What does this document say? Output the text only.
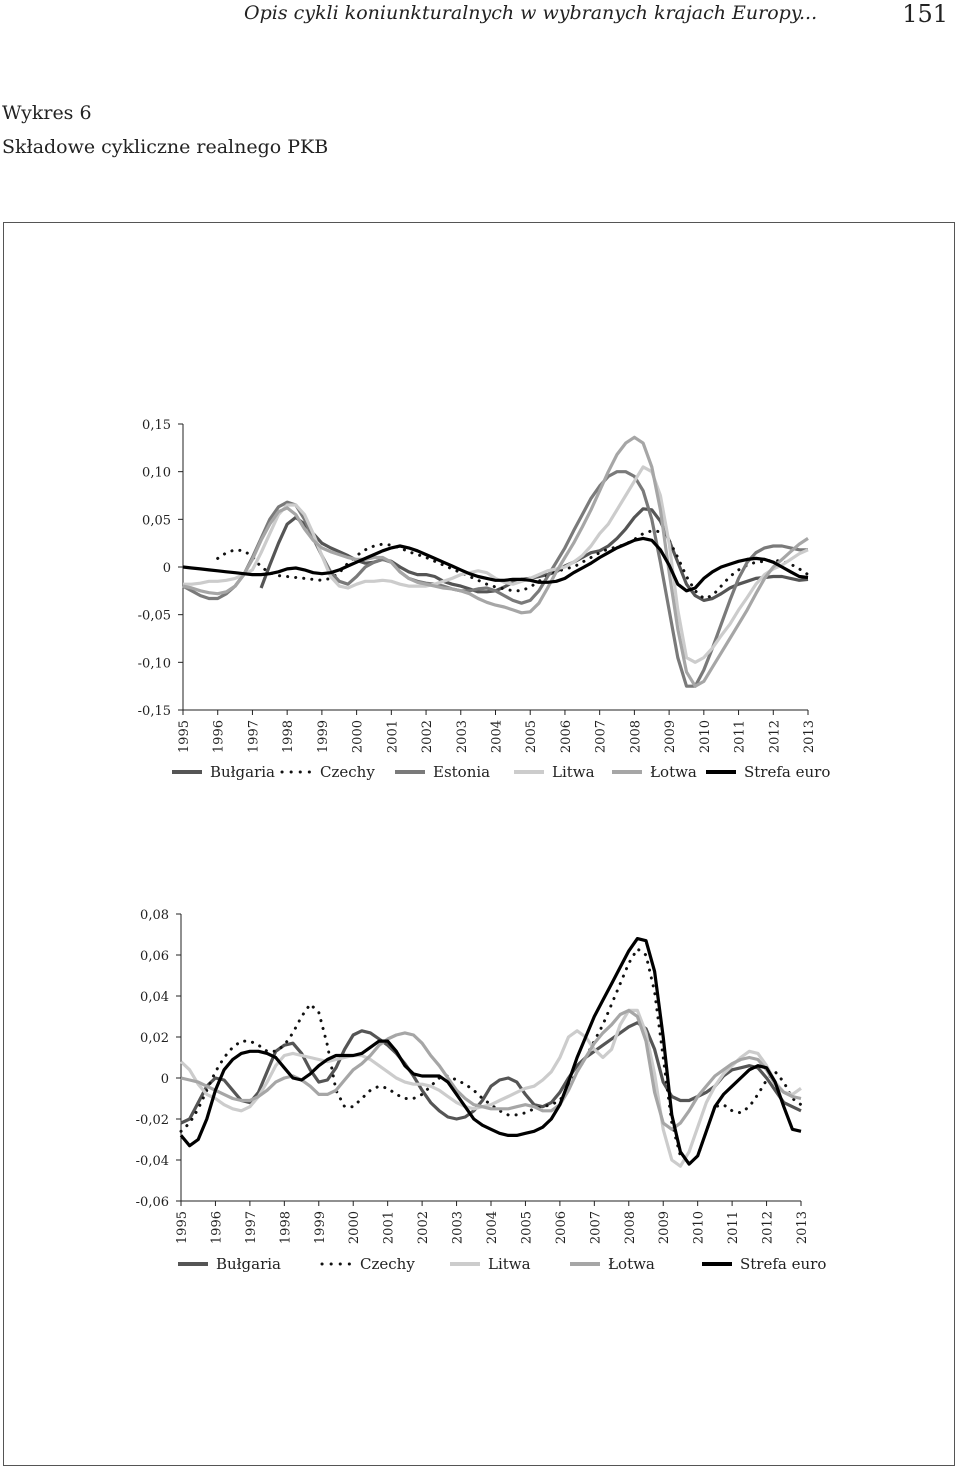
Opis cykli koniunkturalnych w wybranych krajach Europy...	151
Wykres 6
Składowe cykliczne realnego PKB
0,15
0,10
0,05
0
-0,05
-0,10
-0,15
1995 1996 1997 1998 1999 2000 2001 2002 2003 2004 2005 2006 2007 2008 2009 2010 2011 2012 2013
Bułgaria	Czechy	Estonia	Litwa	Łotwa	Strefa euro
0,08
0,06
0,04
0,02
0
-0,02
-0,04
-0,06
1995 1996 1997 1998 1999 2000 2001 2002 2003 2004 2005 2006 2007 2008 2009 2010 2011 2012 2013
Bułgaria	Czechy	Litwa	Łotwa	Strefa euro
